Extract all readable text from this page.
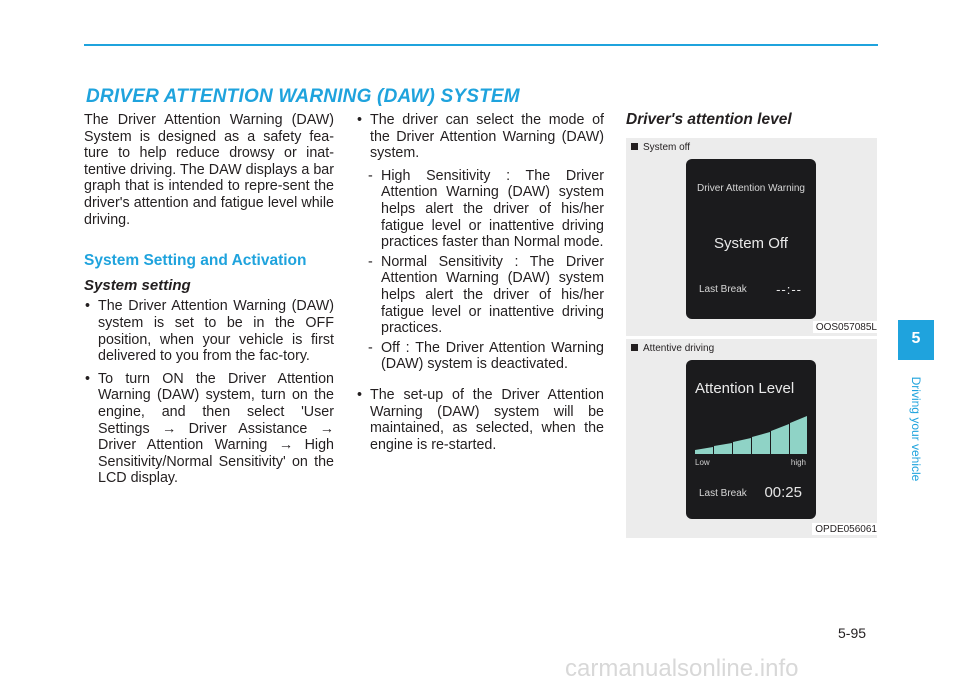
DRIVER ATTENTION WARNING (DAW) SYSTEM

The Driver Attention Warning (DAW) System is designed as a safety fea-ture to help reduce drowsy or inat-tentive driving. The DAW displays a bar graph that is intended to repre-sent the driver's attention and fatigue level while driving.

System Setting and Activation
System setting
• The Driver Attention Warning (DAW) system is set to be in the OFF position, when your vehicle is first delivered to you from the fac-tory.
• To turn ON the Driver Attention Warning (DAW) system, turn on the engine, and then select 'User Settings → Driver Assistance → Driver Attention Warning → High Sensitivity/Normal Sensitivity' on the LCD display.
• The driver can select the mode of the Driver Attention Warning (DAW) system.
- High Sensitivity : The Driver Attention Warning (DAW) system helps alert the driver of his/her fatigue level or inattentive driving practices faster than Normal mode.
- Normal Sensitivity : The Driver Attention Warning (DAW) system helps alert the driver of his/her fatigue level or inattentive driving practices.
- Off : The Driver Attention Warning (DAW) system is deactivated.
• The set-up of the Driver Attention Warning (DAW) system will be maintained, as selected, when the engine is re-started.
Driver's attention level
System off
Driver Attention Warning
System Off
Last Break --:--
OOS057085L
Attentive driving
Attention Level
Low	high
Last Break 00:25
OPDE056061
5
Driving your vehicle
5-95
carmanualsonline.info
